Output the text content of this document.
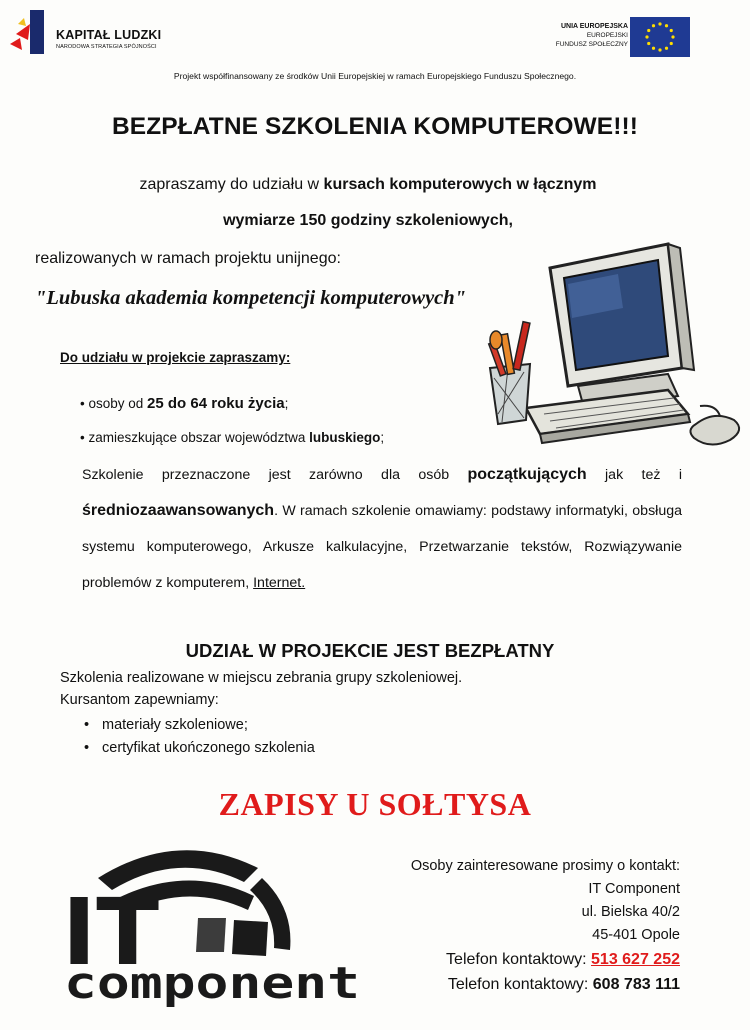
KAPITAŁ LUDZKI
NARODOWA STRATEGIA SPÓJNOŚCI
UNIA EUROPEJSKA
EUROPEJSKI
FUNDUSZ SPOŁECZNY
Projekt współfinansowany ze środków Unii Europejskiej w ramach Europejskiego Funduszu Społecznego.
BEZPŁATNE SZKOLENIA KOMPUTEROWE!!!
zapraszamy do udziału w kursach komputerowych w łącznym
wymiarze 150 godziny szkoleniowych,
realizowanych w ramach projektu unijnego:
"Lubuska akademia kompetencji komputerowych"
Do udziału w projekcie zapraszamy:
• osoby od 25 do 64 roku życia;
• zamieszkujące obszar województwa lubuskiego;
Szkolenie przeznaczone jest zarówno dla osób początkujących jak też i średniozaawansowanych. W ramach szkolenie omawiamy: podstawy informatyki, obsługa systemu komputerowego, Arkusze kalkulacyjne, Przetwarzanie tekstów, Rozwiązywanie problemów z komputerem, Internet.
UDZIAŁ W PROJEKCIE JEST BEZPŁATNY
Szkolenia realizowane w miejscu zebrania grupy szkoleniowej.
Kursantom zapewniamy:
• materiały szkoleniowe;
• certyfikat ukończonego szkolenia
ZAPISY U SOŁTYSA
IT
component
Osoby zainteresowane prosimy o kontakt:
IT Component
ul. Bielska 40/2
45-401 Opole
Telefon kontaktowy: 513 627 252
Telefon kontaktowy: 608 783 111
